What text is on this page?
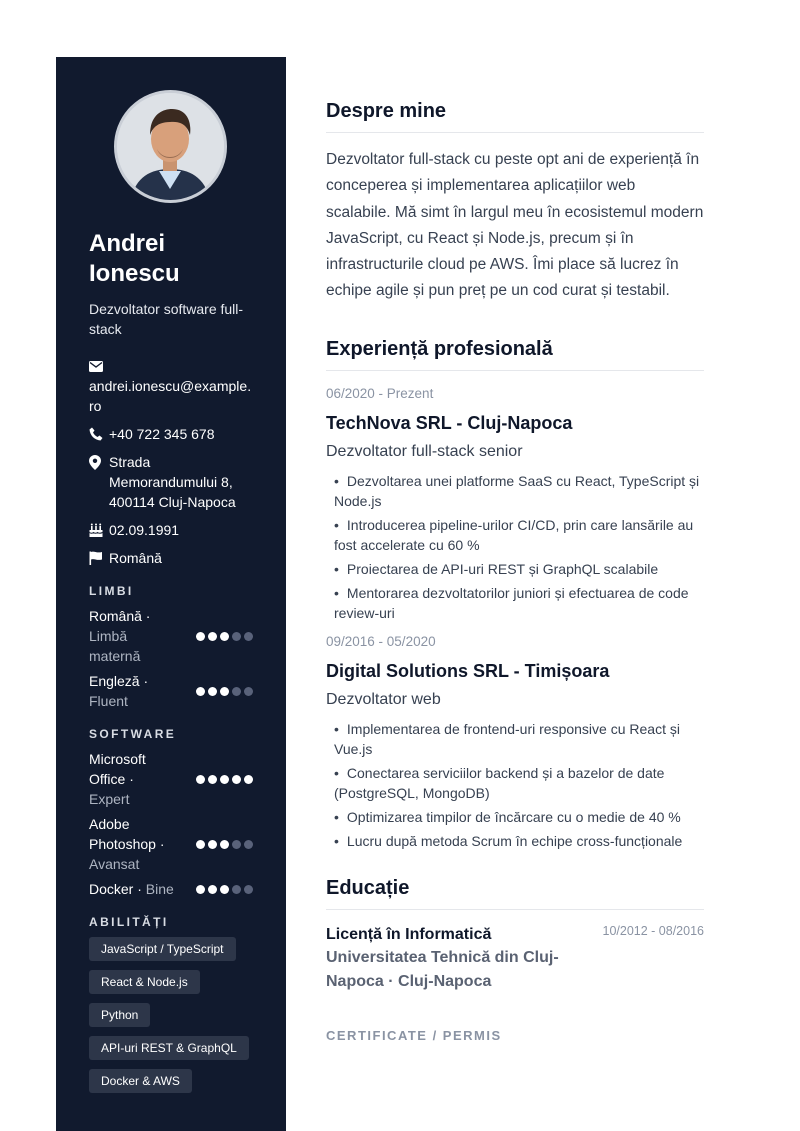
Andrei Ionescu
Dezvoltator software full-stack
andrei.ionescu@example.ro
+40 722 345 678
Strada Memorandumului 8, 400114 Cluj-Napoca
02.09.1991
Română
LIMBI
Română · Limbă maternă
Engleză · Fluent
SOFTWARE
Microsoft Office · Expert
Adobe Photoshop · Avansat
Docker · Bine
ABILITĂȚI
JavaScript / TypeScript
React & Node.js
Python
API-uri REST & GraphQL
Docker & AWS
Despre mine

Dezvoltator full-stack cu peste opt ani de experiență în conceperea și implementarea aplicațiilor web scalabile. Mă simt în largul meu în ecosistemul modern JavaScript, cu React și Node.js, precum și în infrastructurile cloud pe AWS. Îmi place să lucrez în echipe agile și pun preț pe un cod curat și testabil.

Experiență profesională
06/2020 - Prezent
TechNova SRL - Cluj-Napoca
Dezvoltator full-stack senior
• Dezvoltarea unei platforme SaaS cu React, TypeScript și Node.js
• Introducerea pipeline-urilor CI/CD, prin care lansările au fost accelerate cu 60 %
• Proiectarea de API-uri REST și GraphQL scalabile
• Mentorarea dezvoltatorilor juniori și efectuarea de code review-uri
09/2016 - 05/2020
Digital Solutions SRL - Timișoara
Dezvoltator web
• Implementarea de frontend-uri responsive cu React și Vue.js
• Conectarea serviciilor backend și a bazelor de date (PostgreSQL, MongoDB)
• Optimizarea timpilor de încărcare cu o medie de 40 %
• Lucru după metoda Scrum în echipe cross-funcționale
Educație
Licență în Informatică
Universitatea Tehnică din Cluj-Napoca · Cluj-Napoca
10/2012 - 08/2016
CERTIFICATE / PERMIS
